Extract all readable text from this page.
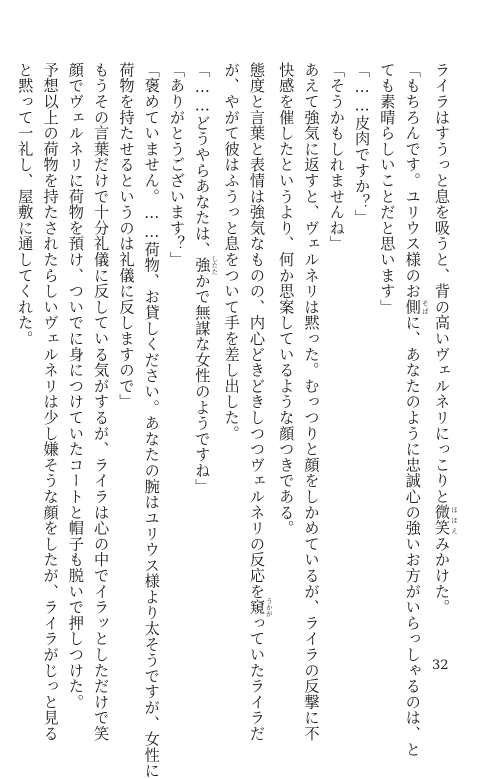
ライラはすうっと息を吸うと、背の高いヴェルネリにっこりと微笑 ほほえみかけた。
「もちろんです。ユリウス様のお側 そばに、あなたのように忠誠心の強いお方がいらっしゃるのは、と
ても素晴らしいことだと思います」
「……皮肉ですか？」
「そうかもしれませんね」
あえて強気に返すと、ヴェルネリは黙った。むっつりと顔をしかめているが、ライラの反撃に不
快感を催したというより、何か思案しているような顔つきである。
態度と言葉と表情は強気なものの、内心どきどきしつつヴェルネリの反応を窺 うかがっていたライラだ
が、やがて彼はふうっと息をついて手を差し出した。
「……どうやらあなたは、強 したたかで無謀な女性のようですね」
「ありがとうございます？」
「褒めていません。……荷物、お貸しください。あなたの腕はユリウス様より太そうですが、女性に
荷物を持たせるというのは礼儀に反しますので」
もうその言葉だけで十分礼儀に反している気がするが、ライラは心の中でイラッとしただけで笑
顔でヴェルネリに荷物を預け、ついでに身につけていたコートと帽子も脱いで押しつけた。
予想以上の荷物を持たされたらしいヴェルネリは少し嫌そうな顔をしたが、ライラがじっと見る
と黙って一礼し、屋敷に通してくれた。
32
